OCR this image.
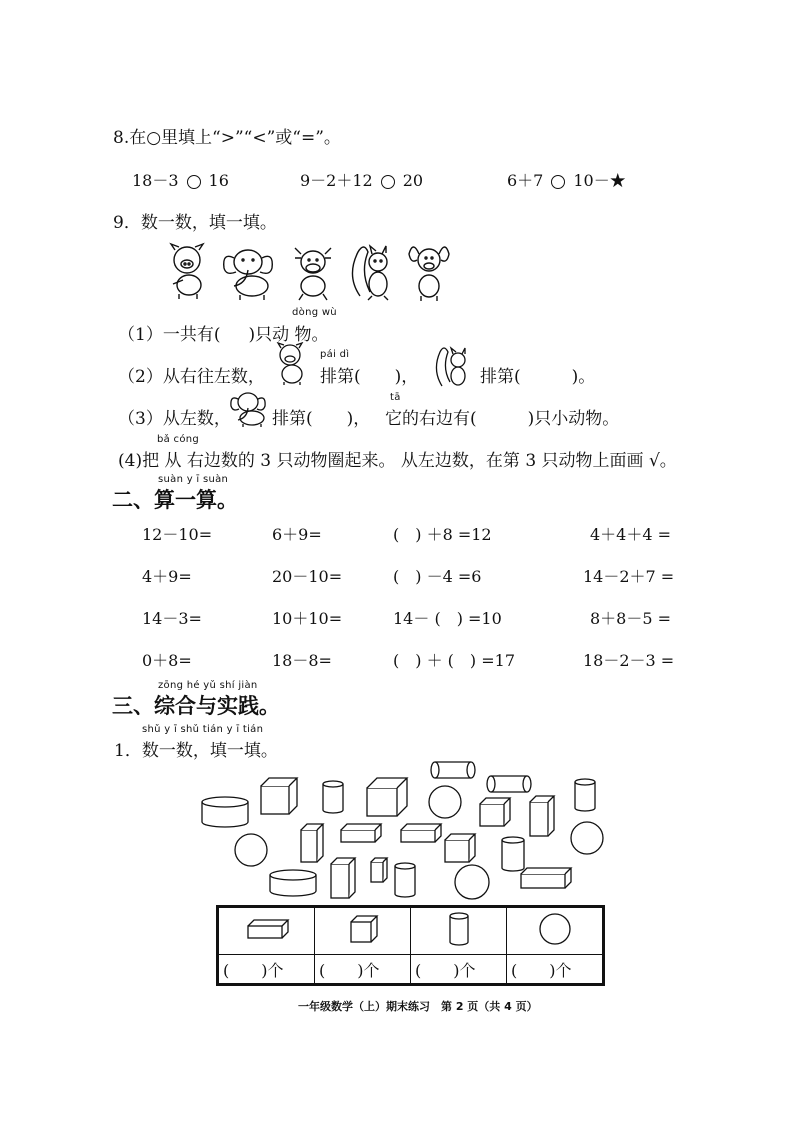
8.在○里填上“>”“<”或“=”。
18－3 16	9－2＋12 20	6＋7 10－★
9．数一数，填一填。
dòng wù
（1）一共有( )只动 物。
pái dì
（2）从右往左数，	排第(　　)，	排第(　　　)。
（3）从左数， 排第(　　)，
tā
它的右边有(　　　)只小动物。
bǎ cóng
(4)把 从 右边数的 3 只动物圈起来。 从左边数，在第 3 只动物上面画 √。
suàn y ī suàn
二、算一算。
12－10=	6＋9=	(　) ＋8 =12	4＋4＋4 =
4＋9=	20－10=	(　) －4 =6	14－2＋7 =
14－3=	10＋10=	14－ (　) =10	8＋8－5 =
0＋8=	18－8=	(　) ＋ (　) =17	18－2－3 =
zōng hé yǔ shí jiàn
三、综合与实践。
shǔ y ī shǔ tián y ī tián
1．数一数，填一填。

(　　)个	(　　)个	(　　)个	(　　)个
一年级数学（上）期末练习　第 2 页（共 4 页）
